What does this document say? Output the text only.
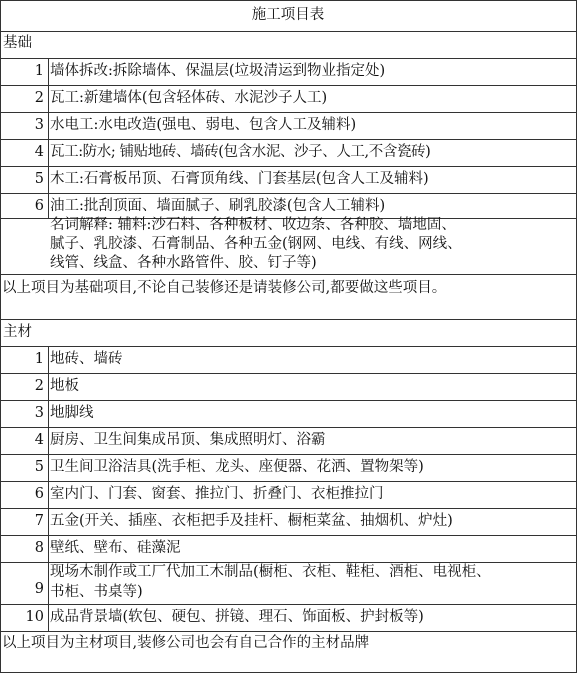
施工项目表
基础
1 墙体拆改:拆除墙体、保温层(垃圾清运到物业指定处)
2 瓦工:新建墙体(包含轻体砖、水泥沙子人工)
3 水电工:水电改造(强电、弱电、包含人工及辅料)
4 瓦工:防水; 铺贴地砖、墙砖(包含水泥、沙子、人工,不含瓷砖)
5 木工:石膏板吊顶、石膏顶角线、门套基层(包含人工及辅料)
6 油工:批刮顶面、墙面腻子、刷乳胶漆(包含人工辅料)
名词解释: 辅料:沙石料、各种板材、收边条、各种胶、墙地固、
腻子、乳胶漆、石膏制品、各种五金(钢网、电线、有线、网线、
线管、线盒、各种水路管件、胶、钉子等)
以上项目为基础项目,不论自己装修还是请装修公司,都要做这些项目。
主材
1 地砖、墙砖
2 地板
3 地脚线
4 厨房、卫生间集成吊顶、集成照明灯、浴霸
5 卫生间卫浴洁具(洗手柜、龙头、座便器、花洒、置物架等)
6 室内门、门套、窗套、推拉门、折叠门、衣柜推拉门
7 五金(开关、插座、衣柜把手及挂杆、橱柜菜盆、抽烟机、炉灶)
8 壁纸、壁布、硅藻泥
9
现场木制作或工厂代加工木制品(橱柜、衣柜、鞋柜、酒柜、电视柜、
书柜、书桌等)
10 成品背景墙(软包、硬包、拼镜、理石、饰面板、护封板等)
以上项目为主材项目,装修公司也会有自己合作的主材品牌
